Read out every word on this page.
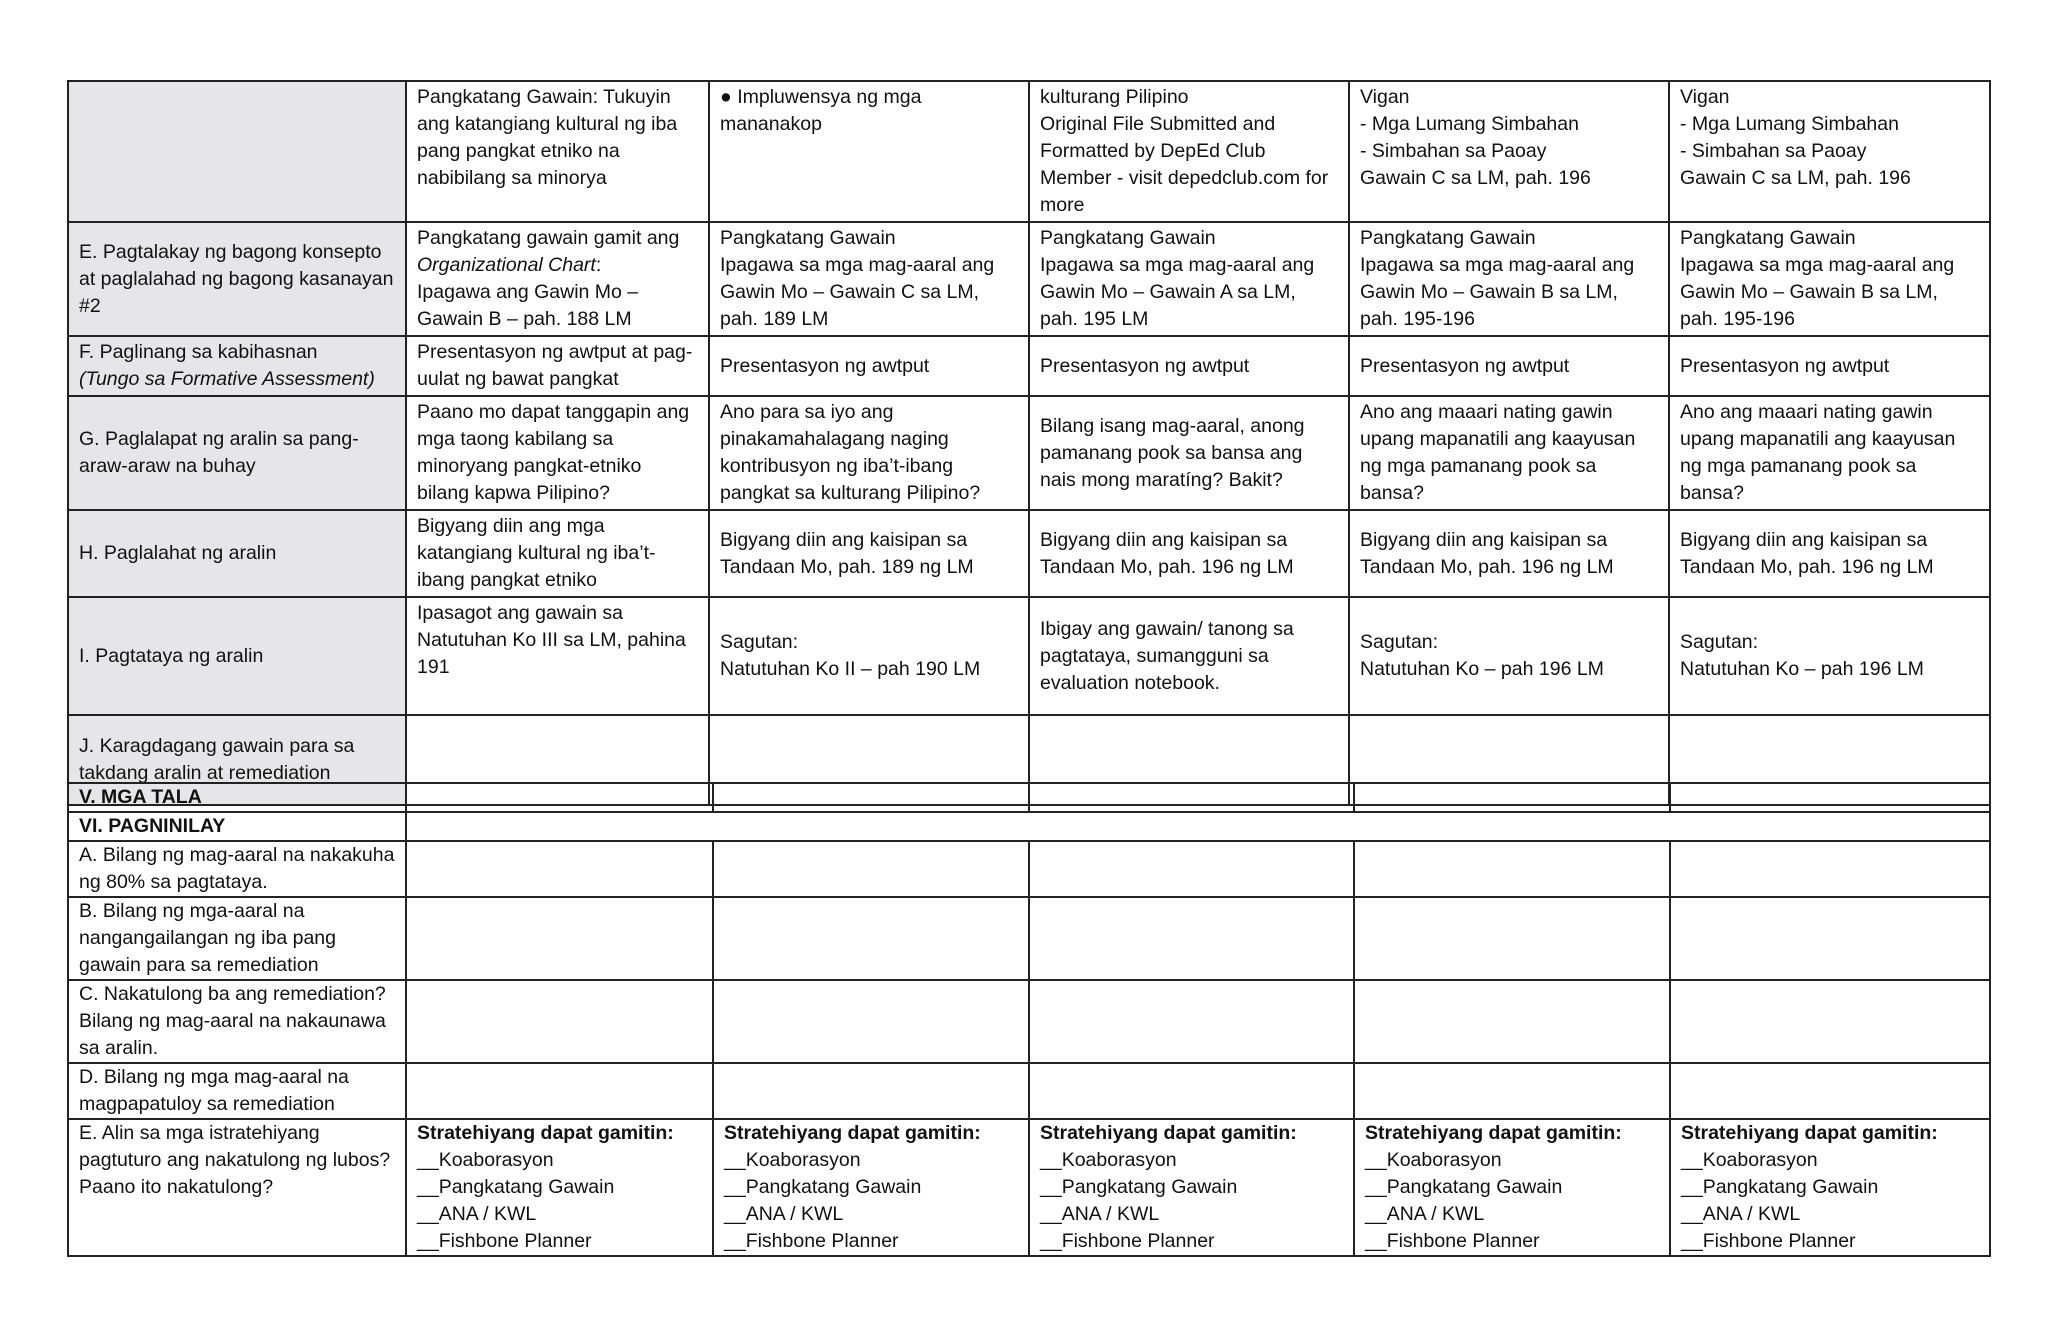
	Pangkatang Gawain: Tukuyin ang katangiang kultural ng iba pang pangkat etniko na nabibilang sa minorya	● Impluwensya ng mga mananakop	kulturang Pilipino
Original File Submitted and Formatted by DepEd Club Member - visit depedclub.com for more	Vigan
- Mga Lumang Simbahan
- Simbahan sa Paoay
Gawain C sa LM, pah. 196	Vigan
- Mga Lumang Simbahan
- Simbahan sa Paoay
Gawain C sa LM, pah. 196
E. Pagtalakay ng bagong konsepto at paglalahad ng bagong kasanayan #2	Pangkatang gawain gamit ang Organizational Chart:
Ipagawa ang Gawin Mo – Gawain B – pah. 188 LM	Pangkatang Gawain
Ipagawa sa mga mag-aaral ang Gawin Mo – Gawain C sa LM, pah. 189 LM	Pangkatang Gawain
Ipagawa sa mga mag-aaral ang Gawin Mo – Gawain A sa LM, pah. 195 LM	Pangkatang Gawain
Ipagawa sa mga mag-aaral ang Gawin Mo – Gawain B sa LM, pah. 195-196	Pangkatang Gawain
Ipagawa sa mga mag-aaral ang Gawin Mo – Gawain B sa LM, pah. 195-196
F. Paglinang sa kabihasnan
(Tungo sa Formative Assessment)	Presentasyon ng awtput at pag-uulat ng bawat pangkat	Presentasyon ng awtput	Presentasyon ng awtput	Presentasyon ng awtput	Presentasyon ng awtput
G. Paglalapat ng aralin sa pang-araw-araw na buhay	Paano mo dapat tanggapin ang mga taong kabilang sa minoryang pangkat-etniko bilang kapwa Pilipino?	Ano para sa iyo ang pinakamahalagang naging kontribusyon ng iba’t-ibang pangkat sa kulturang Pilipino?	Bilang isang mag-aaral, anong pamanang pook sa bansa ang nais mong maratíng? Bakit?	Ano ang maaari nating gawin upang mapanatili ang kaayusan ng mga pamanang pook sa bansa?	Ano ang maaari nating gawin upang mapanatili ang kaayusan ng mga pamanang pook sa bansa?
H. Paglalahat ng aralin	Bigyang diin ang mga katangiang kultural ng iba’t-ibang pangkat etniko	Bigyang diin ang kaisipan sa Tandaan Mo, pah. 189 ng LM	Bigyang diin ang kaisipan sa Tandaan Mo, pah. 196 ng LM	Bigyang diin ang kaisipan sa Tandaan Mo, pah. 196 ng LM	Bigyang diin ang kaisipan sa Tandaan Mo, pah. 196 ng LM
I. Pagtataya ng aralin	Ipasagot ang gawain sa Natutuhan Ko III sa LM, pahina 191	Sagutan:
Natutuhan Ko II – pah 190 LM	Ibigay ang gawain/ tanong sa pagtataya, sumangguni sa evaluation notebook.	Sagutan:
Natutuhan Ko – pah 196 LM	Sagutan:
Natutuhan Ko – pah 196 LM
J. Karagdagang gawain para sa takdang aralin at remediation					
V. MGA TALA					
VI. PAGNINILAY					
A. Bilang ng mag-aaral na nakakuha ng 80% sa pagtataya.					
B. Bilang ng mga-aaral na nangangailangan ng iba pang gawain para sa remediation					
C. Nakatulong ba ang remediation? Bilang ng mag-aaral na nakaunawa sa aralin.					
D. Bilang ng mga mag-aaral na magpapatuloy sa remediation					
E. Alin sa mga istratehiyang pagtuturo ang nakatulong ng lubos? Paano ito nakatulong?	Stratehiyang dapat gamitin:
__Koaborasyon
__Pangkatang Gawain
__ANA / KWL
__Fishbone Planner	Stratehiyang dapat gamitin:
__Koaborasyon
__Pangkatang Gawain
__ANA / KWL
__Fishbone Planner	Stratehiyang dapat gamitin:
__Koaborasyon
__Pangkatang Gawain
__ANA / KWL
__Fishbone Planner	Stratehiyang dapat gamitin:
__Koaborasyon
__Pangkatang Gawain
__ANA / KWL
__Fishbone Planner	Stratehiyang dapat gamitin:
__Koaborasyon
__Pangkatang Gawain
__ANA / KWL
__Fishbone Planner
